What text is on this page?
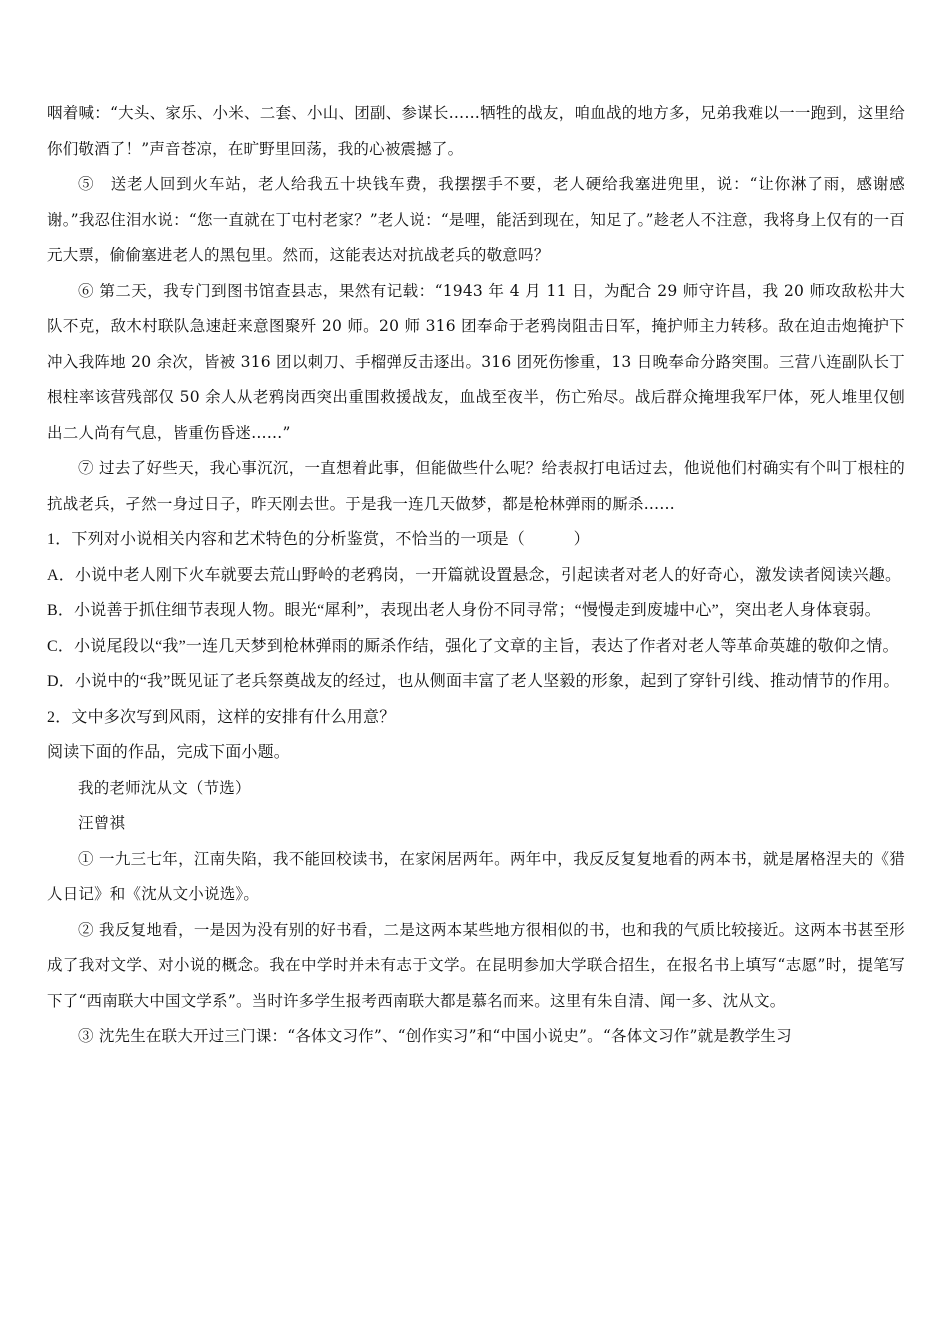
咽着喊：“大头、家乐、小米、二套、小山、团副、参谋长……牺牲的战友，咱血战的地方多，兄弟我难以一一跑到，这里给你们敬酒了！”声音苍凉，在旷野里回荡，我的心被震撼了。

⑤　送老人回到火车站，老人给我五十块钱车费，我摆摆手不要，老人硬给我塞进兜里，说：“让你淋了雨，感谢感谢。”我忍住泪水说：“您一直就在丁屯村老家？”老人说：“是哩，能活到现在，知足了。”趁老人不注意，我将身上仅有的一百元大票，偷偷塞进老人的黑包里。然而，这能表达对抗战老兵的敬意吗？

⑥ 第二天，我专门到图书馆查县志，果然有记载：“1943 年 4 月 11 日，为配合 29 师守许昌，我 20 师攻敌松井大队不克，敌木村联队急速赶来意图聚歼 20 师。20 师 316 团奉命于老鸦岗阻击日军，掩护师主力转移。敌在迫击炮掩护下冲入我阵地 20 余次，皆被 316 团以刺刀、手榴弹反击逐出。316 团死伤惨重，13 日晚奉命分路突围。三营八连副队长丁根柱率该营残部仅 50 余人从老鸦岗西突出重围救援战友，血战至夜半，伤亡殆尽。战后群众掩埋我军尸体，死人堆里仅刨出二人尚有气息，皆重伤昏迷……”

⑦ 过去了好些天，我心事沉沉，一直想着此事，但能做些什么呢？给表叔打电话过去，他说他们村确实有个叫丁根柱的抗战老兵，孑然一身过日子，昨天刚去世。于是我一连几天做梦，都是枪林弹雨的厮杀……

1．下列对小说相关内容和艺术特色的分析鉴赏，不恰当的一项是（　　　）

A．小说中老人刚下火车就要去荒山野岭的老鸦岗，一开篇就设置悬念，引起读者对老人的好奇心，激发读者阅读兴趣。

B．小说善于抓住细节表现人物。眼光“犀利”，表现出老人身份不同寻常；“慢慢走到废墟中心”，突出老人身体衰弱。

C．小说尾段以“我”一连几天梦到枪林弹雨的厮杀作结，强化了文章的主旨，表达了作者对老人等革命英雄的敬仰之情。

D．小说中的“我”既见证了老兵祭奠战友的经过，也从侧面丰富了老人坚毅的形象，起到了穿针引线、推动情节的作用。

2．文中多次写到风雨，这样的安排有什么用意？

阅读下面的作品，完成下面小题。

我的老师沈从文（节选）

汪曾祺

① 一九三七年，江南失陷，我不能回校读书，在家闲居两年。两年中，我反反复复地看的两本书，就是屠格涅夫的《猎人日记》和《沈从文小说选》。

② 我反复地看，一是因为没有别的好书看，二是这两本某些地方很相似的书，也和我的气质比较接近。这两本书甚至形成了我对文学、对小说的概念。我在中学时并未有志于文学。在昆明参加大学联合招生，在报名书上填写“志愿”时，提笔写下了“西南联大中国文学系”。当时许多学生报考西南联大都是慕名而来。这里有朱自清、闻一多、沈从文。

③ 沈先生在联大开过三门课：“各体文习作”、“创作实习”和“中国小说史”。“各体文习作”就是教学生习
